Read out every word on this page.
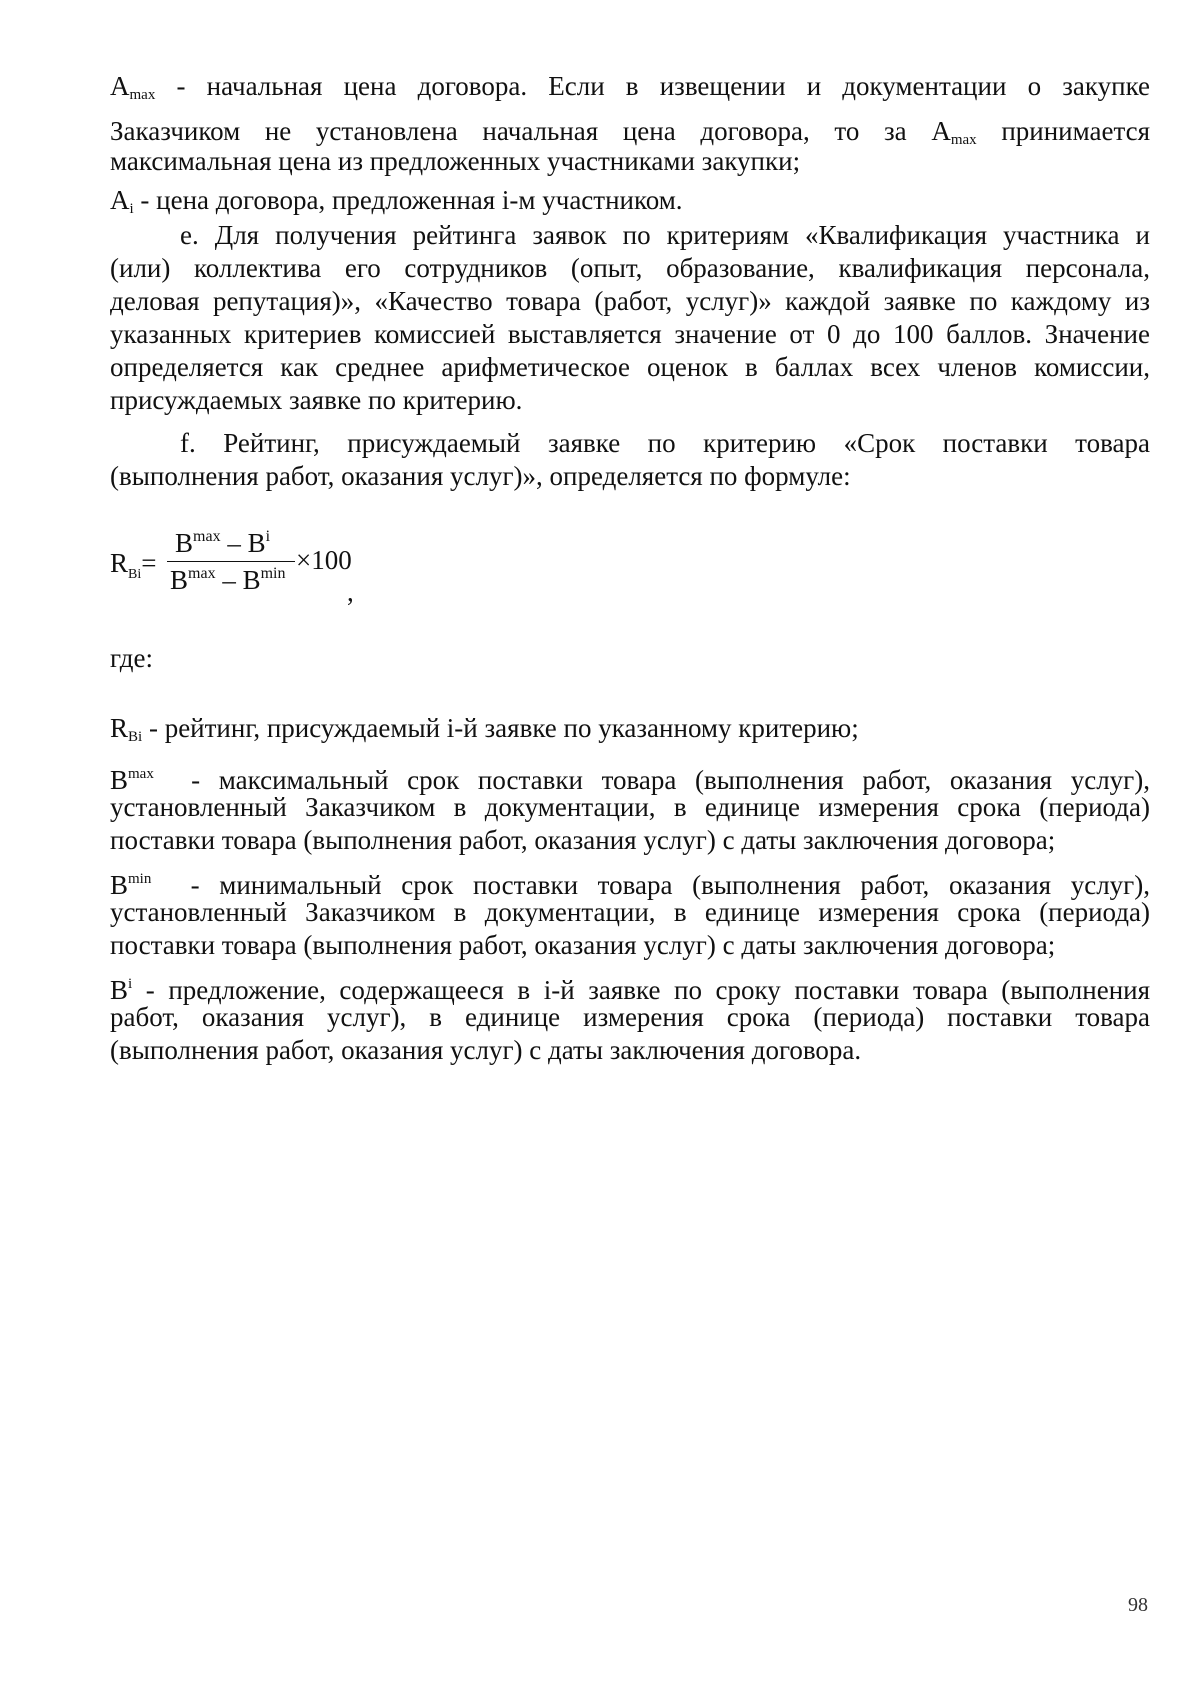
$A_{max}$ - начальная цена договора. Если в извещении и документации о закупке

Заказчиком не установлена начальная цена договора, то за $A_{max}$ принимается

максимальная цена из предложенных участниками закупки;

$A_i$ - цена договора, предложенная i-м участником.

е. Для получения рейтинга заявок по критериям «Квалификация участника и

(или) коллектива его сотрудников (опыт, образование, квалификация персонала,

деловая репутация)», «Качество товара (работ, услуг)» каждой заявке по каждому из

указанных критериев комиссией выставляется значение от 0 до 100 баллов. Значение

определяется как среднее арифметическое оценок в баллах всех членов комиссии,

присуждаемых заявке по критерию.

f. Рейтинг, присуждаемый заявке по критерию «Срок поставки товара

(выполнения работ, оказания услуг)», определяется по формуле:

$R_{Bi}=$
$B^{max} - B^i$
$B^{max} - B^{min} \times 100$
,

где:

$R_{Bi}$ - рейтинг, присуждаемый i-й заявке по указанному критерию;

$B^{max}$ - максимальный срок поставки товара (выполнения работ, оказания услуг),

установленный Заказчиком в документации, в единице измерения срока (периода)

поставки товара (выполнения работ, оказания услуг) с даты заключения договора;

$B^{min}$ - минимальный срок поставки товара (выполнения работ, оказания услуг),

установленный Заказчиком в документации, в единице измерения срока (периода)

поставки товара (выполнения работ, оказания услуг) с даты заключения договора;

$B^i$ - предложение, содержащееся в i-й заявке по сроку поставки товара (выполнения

работ, оказания услуг), в единице измерения срока (периода) поставки товара

(выполнения работ, оказания услуг) с даты заключения договора.

98
